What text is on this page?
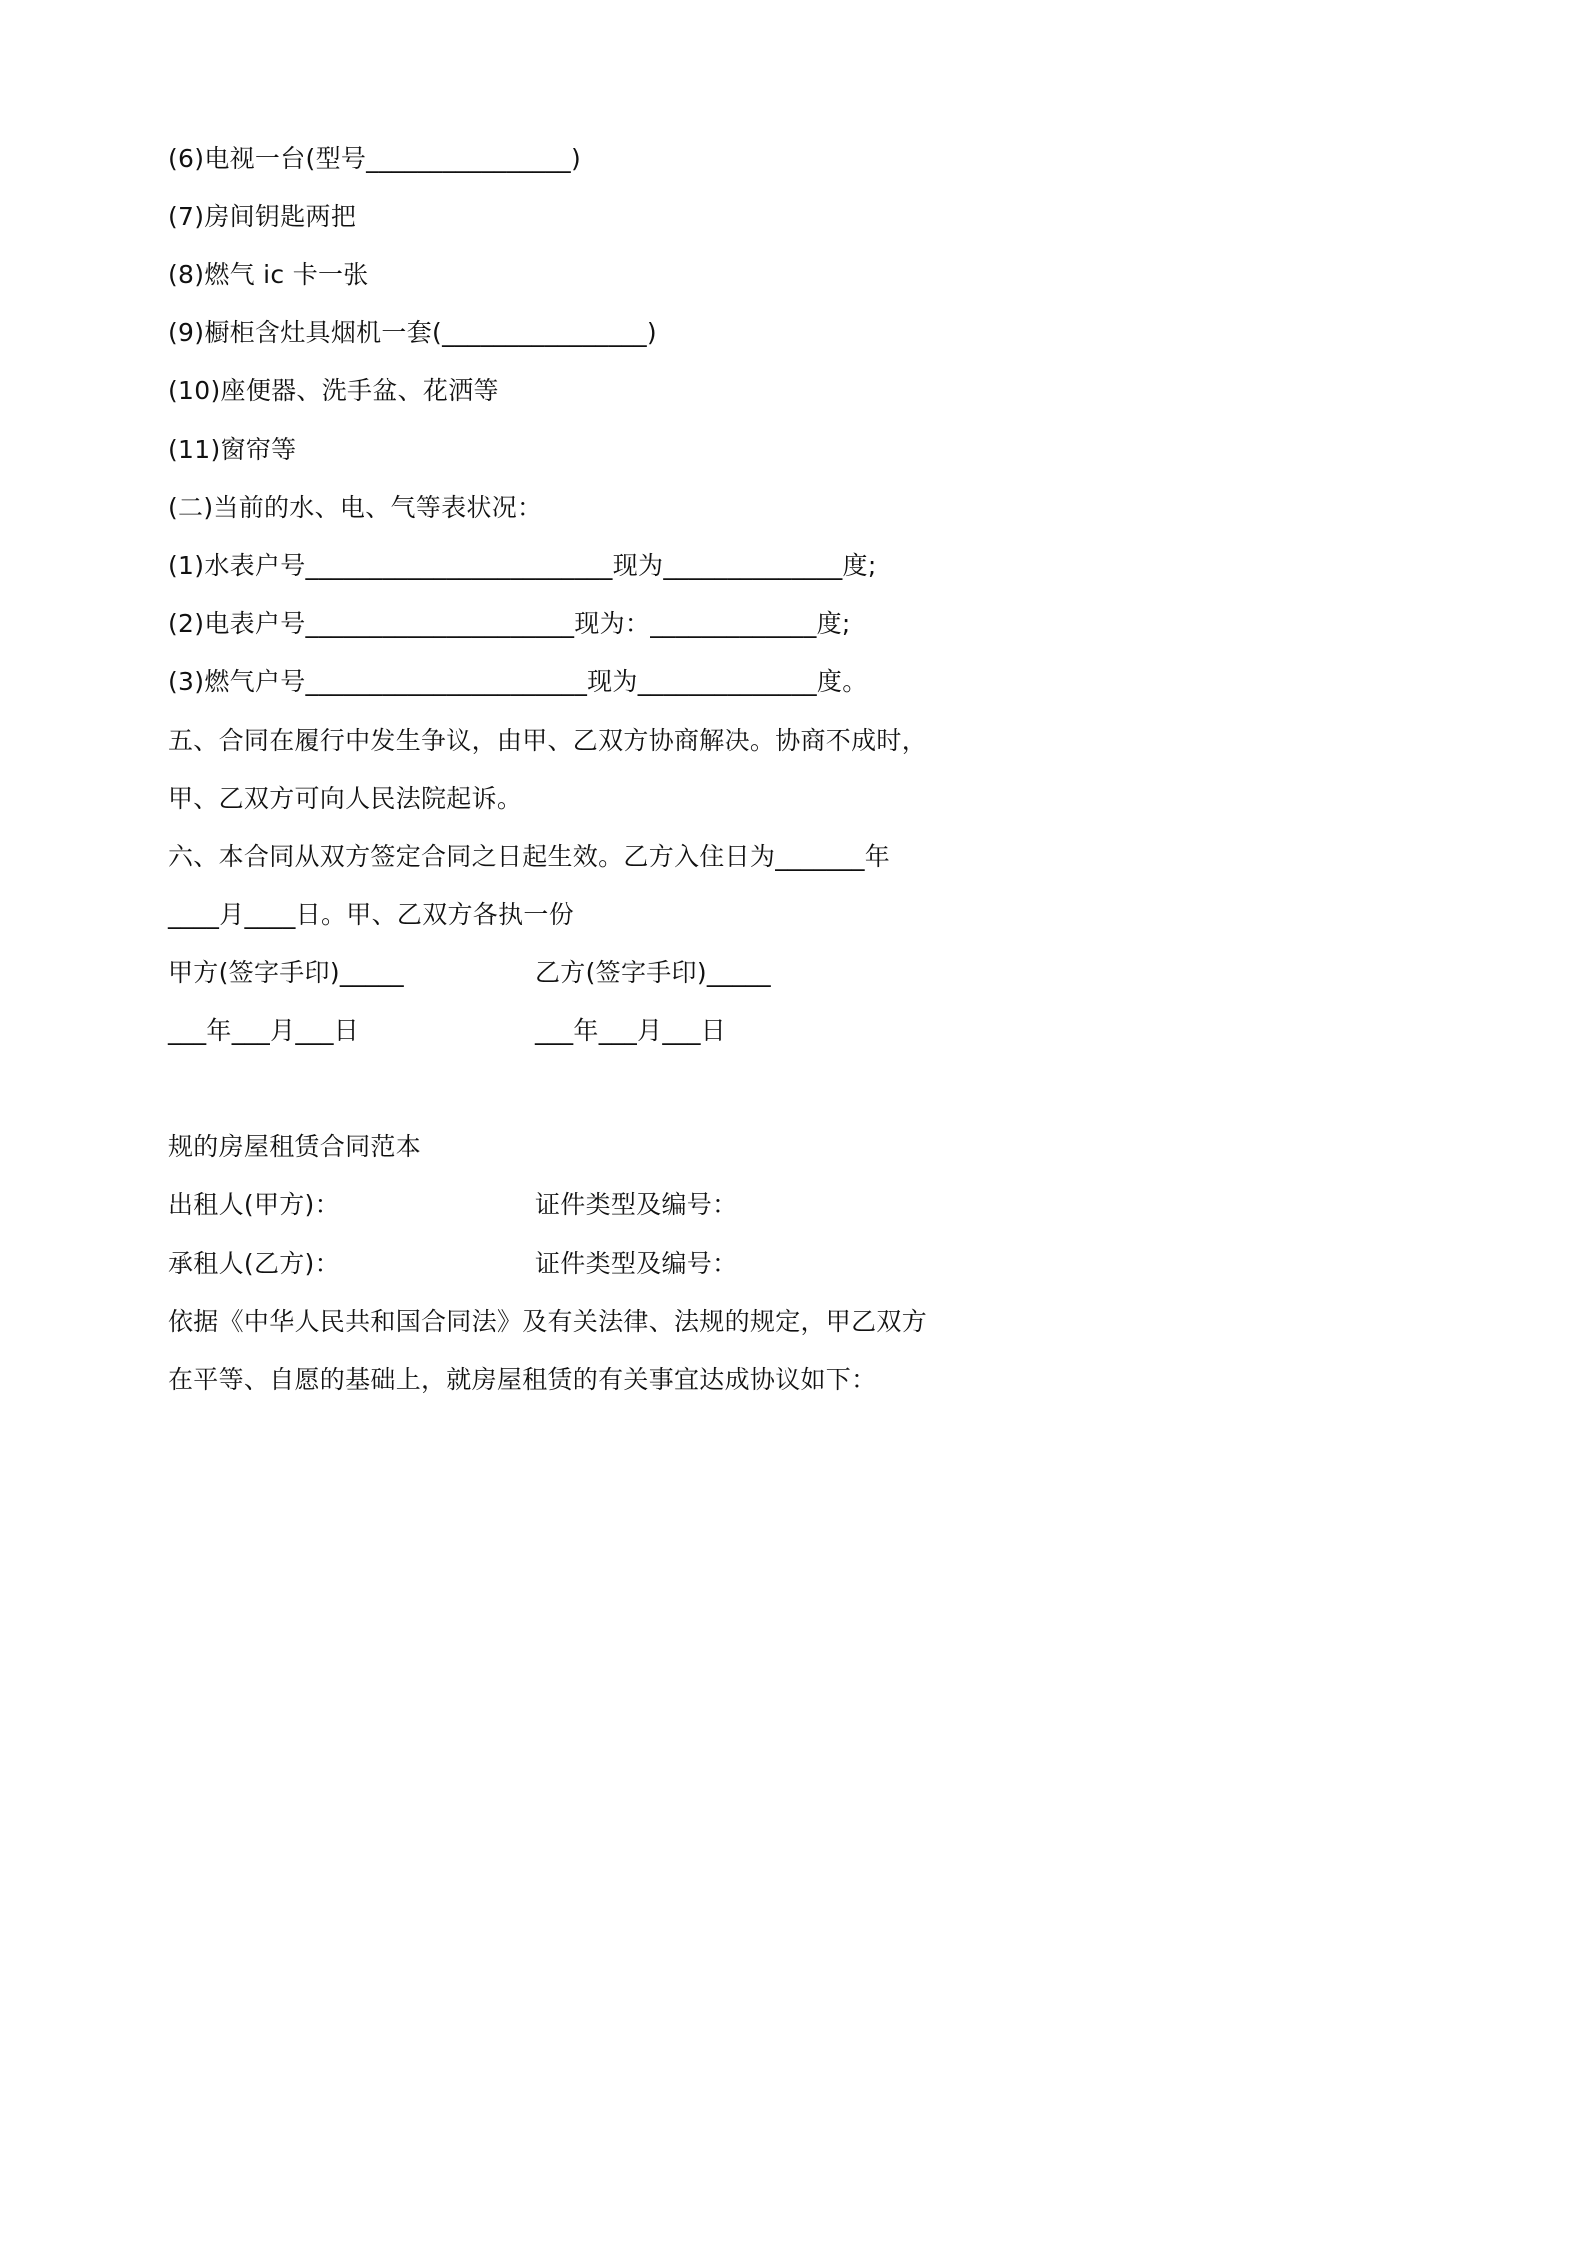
(6)电视一台(型号________________)
(7)房间钥匙两把
(8)燃气 ic 卡一张
(9)橱柜含灶具烟机一套(________________)
(10)座便器、洗手盆、花洒等
(11)窗帘等
(二)当前的水、电、气等表状况：
(1)水表户号________________________现为______________度;
(2)电表户号_____________________现为：_____________度;
(3)燃气户号______________________现为______________度。
五、合同在履行中发生争议，由甲、乙双方协商解决。协商不成时，
甲、乙双方可向人民法院起诉。
六、本合同从双方签定合同之日起生效。乙方入住日为_______年
____月____日。甲、乙双方各执一份
甲方(签字手印)_____	乙方(签字手印)_____
___年___月___日	___年___月___日
规的房屋租赁合同范本
出租人(甲方)：	证件类型及编号：
承租人(乙方)：	证件类型及编号：
依据《中华人民共和国合同法》及有关法律、法规的规定，甲乙双方
在平等、自愿的基础上，就房屋租赁的有关事宜达成协议如下：
